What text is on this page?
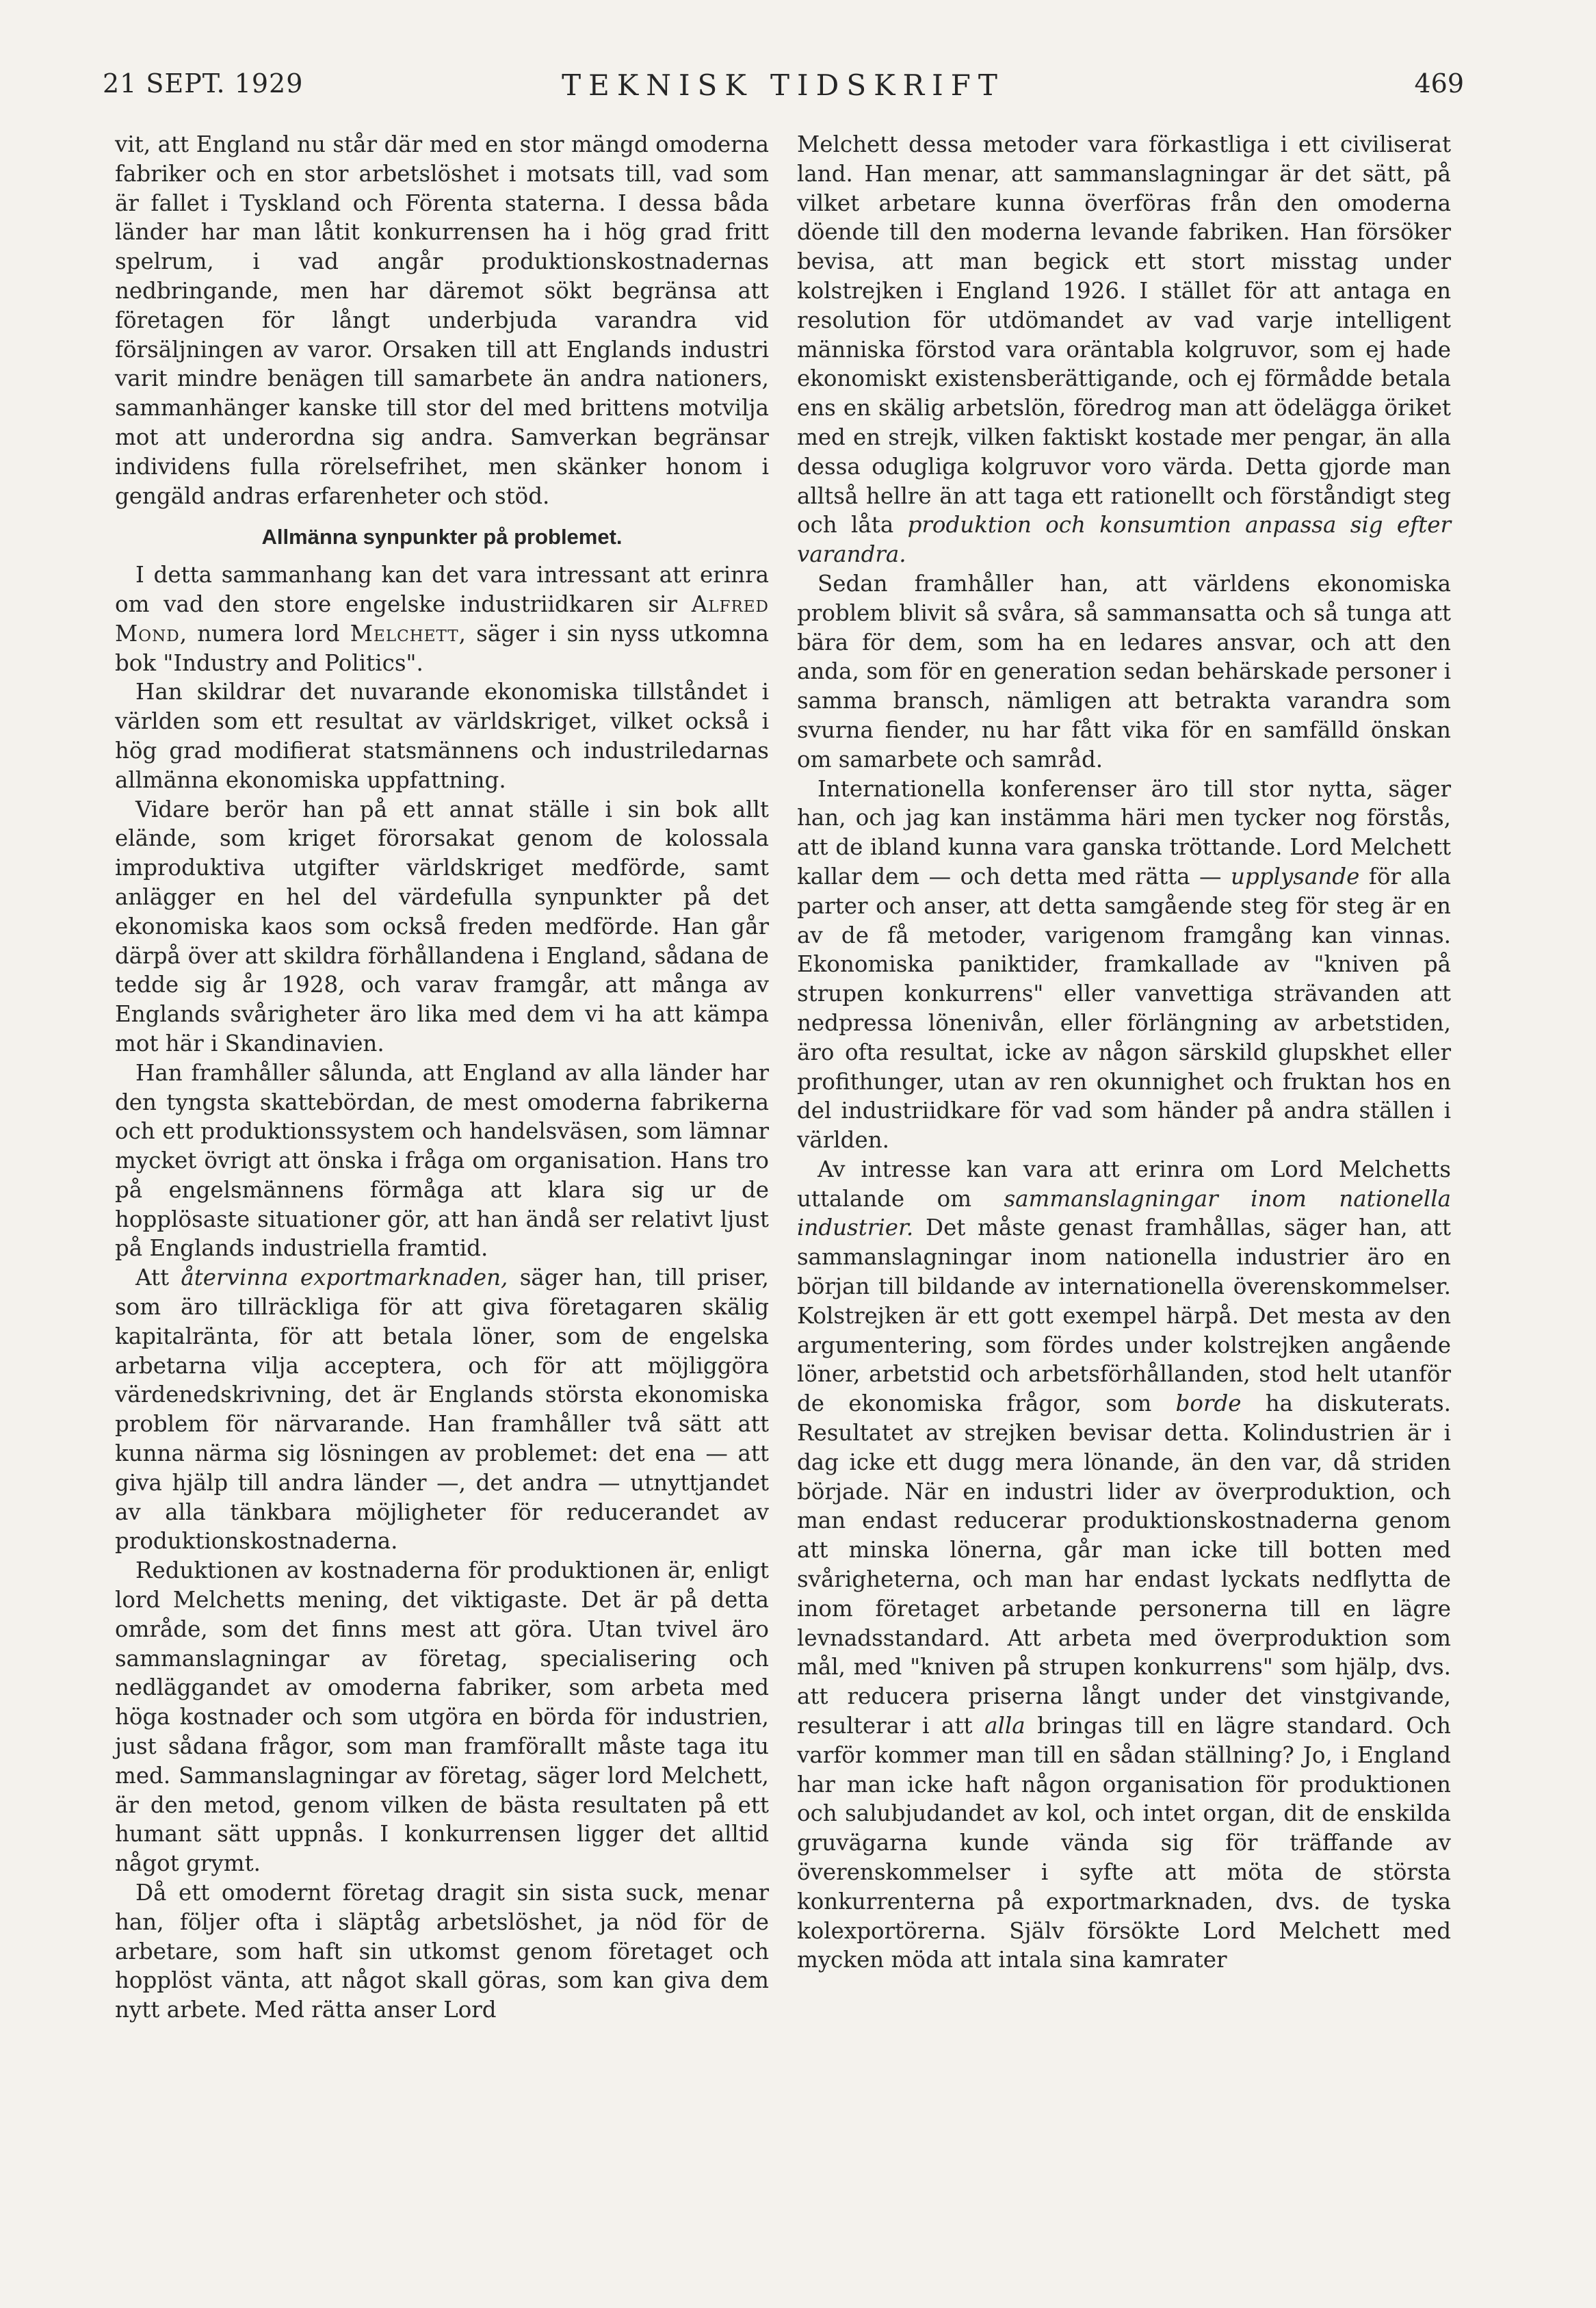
21 SEPT. 1929	TEKNISK TIDSKRIFT	469

vit, att England nu står där med en stor mängd omoderna fabriker och en stor arbetslöshet i motsats till, vad som är fallet i Tyskland och Förenta staterna. I dessa båda länder har man låtit konkurrensen ha i hög grad fritt spelrum, i vad angår produktionskostnadernas nedbringande, men har däremot sökt begränsa att företagen för långt underbjuda varandra vid försäljningen av varor. Orsaken till att Englands industri varit mindre benägen till samarbete än andra nationers, sammanhänger kanske till stor del med brittens motvilja mot att underordna sig andra. Samverkan begränsar individens fulla rörelsefrihet, men skänker honom i gengäld andras erfarenheter och stöd.

Allmänna synpunkter på problemet.

I detta sammanhang kan det vara intressant att erinra om vad den store engelske industriidkaren sir Alfred Mond, numera lord Melchett, säger i sin nyss utkomna bok "Industry and Politics".

Han skildrar det nuvarande ekonomiska tillståndet i världen som ett resultat av världskriget, vilket också i hög grad modifierat statsmännens och industriledarnas allmänna ekonomiska uppfattning.

Vidare berör han på ett annat ställe i sin bok allt elände, som kriget förorsakat genom de kolossala improduktiva utgifter världskriget medförde, samt anlägger en hel del värdefulla synpunkter på det ekonomiska kaos som också freden medförde. Han går därpå över att skildra förhållandena i England, sådana de tedde sig år 1928, och varav framgår, att många av Englands svårigheter äro lika med dem vi ha att kämpa mot här i Skandinavien.

Han framhåller sålunda, att England av alla länder har den tyngsta skattebördan, de mest omoderna fabrikerna och ett produktionssystem och handelsväsen, som lämnar mycket övrigt att önska i fråga om organisation. Hans tro på engelsmännens förmåga att klara sig ur de hopplösaste situationer gör, att han ändå ser relativt ljust på Englands industriella framtid.

Att återvinna exportmarknaden, säger han, till priser, som äro tillräckliga för att giva företagaren skälig kapitalränta, för att betala löner, som de engelska arbetarna vilja acceptera, och för att möjliggöra värdenedskrivning, det är Englands största ekonomiska problem för närvarande. Han framhåller två sätt att kunna närma sig lösningen av problemet: det ena — att giva hjälp till andra länder —, det andra — utnyttjandet av alla tänkbara möjligheter för reducerandet av produktionskostnaderna.

Reduktionen av kostnaderna för produktionen är, enligt lord Melchetts mening, det viktigaste. Det är på detta område, som det finns mest att göra. Utan tvivel äro sammanslagningar av företag, specialisering och nedläggandet av omoderna fabriker, som arbeta med höga kostnader och som utgöra en börda för industrien, just sådana frågor, som man framförallt måste taga itu med. Sammanslagningar av företag, säger lord Melchett, är den metod, genom vilken de bästa resultaten på ett humant sätt uppnås. I konkurrensen ligger det alltid något grymt.

Då ett omodernt företag dragit sin sista suck, menar han, följer ofta i släptåg arbetslöshet, ja nöd för de arbetare, som haft sin utkomst genom företaget och hopplöst vänta, att något skall göras, som kan giva dem nytt arbete. Med rätta anser Lord

Melchett dessa metoder vara förkastliga i ett civiliserat land. Han menar, att sammanslagningar är det sätt, på vilket arbetare kunna överföras från den omoderna döende till den moderna levande fabriken. Han försöker bevisa, att man begick ett stort misstag under kolstrejken i England 1926. I stället för att antaga en resolution för utdömandet av vad varje intelligent människa förstod vara oräntabla kolgruvor, som ej hade ekonomiskt existensberättigande, och ej förmådde betala ens en skälig arbetslön, föredrog man att ödelägga öriket med en strejk, vilken faktiskt kostade mer pengar, än alla dessa odugliga kolgruvor voro värda. Detta gjorde man alltså hellre än att taga ett rationellt och förståndigt steg och låta produktion och konsumtion anpassa sig efter varandra.

Sedan framhåller han, att världens ekonomiska problem blivit så svåra, så sammansatta och så tunga att bära för dem, som ha en ledares ansvar, och att den anda, som för en generation sedan behärskade personer i samma bransch, nämligen att betrakta varandra som svurna fiender, nu har fått vika för en samfälld önskan om samarbete och samråd.

Internationella konferenser äro till stor nytta, säger han, och jag kan instämma häri men tycker nog förstås, att de ibland kunna vara ganska tröttande. Lord Melchett kallar dem — och detta med rätta — upplysande för alla parter och anser, att detta samgående steg för steg är en av de få metoder, varigenom framgång kan vinnas. Ekonomiska paniktider, framkallade av "kniven på strupen konkurrens" eller vanvettiga strävanden att nedpressa lönenivån, eller förlängning av arbetstiden, äro ofta resultat, icke av någon särskild glupskhet eller profithunger, utan av ren okunnighet och fruktan hos en del industriidkare för vad som händer på andra ställen i världen.

Av intresse kan vara att erinra om Lord Melchetts uttalande om sammanslagningar inom nationella industrier. Det måste genast framhållas, säger han, att sammanslagningar inom nationella industrier äro en början till bildande av internationella överenskommelser. Kolstrejken är ett gott exempel härpå. Det mesta av den argumentering, som fördes under kolstrejken angående löner, arbetstid och arbetsförhållanden, stod helt utanför de ekonomiska frågor, som borde ha diskuterats. Resultatet av strejken bevisar detta. Kolindustrien är i dag icke ett dugg mera lönande, än den var, då striden började. När en industri lider av överproduktion, och man endast reducerar produktionskostnaderna genom att minska lönerna, går man icke till botten med svårigheterna, och man har endast lyckats nedflytta de inom företaget arbetande personerna till en lägre levnadsstandard. Att arbeta med överproduktion som mål, med "kniven på strupen konkurrens" som hjälp, dvs. att reducera priserna långt under det vinstgivande, resulterar i att alla bringas till en lägre standard. Och varför kommer man till en sådan ställning? Jo, i England har man icke haft någon organisation för produktionen och salubjudandet av kol, och intet organ, dit de enskilda gruvägarna kunde vända sig för träffande av överenskommelser i syfte att möta de största konkurrenterna på exportmarknaden, dvs. de tyska kolexportörerna. Själv försökte Lord Melchett med mycken möda att intala sina kamrater
